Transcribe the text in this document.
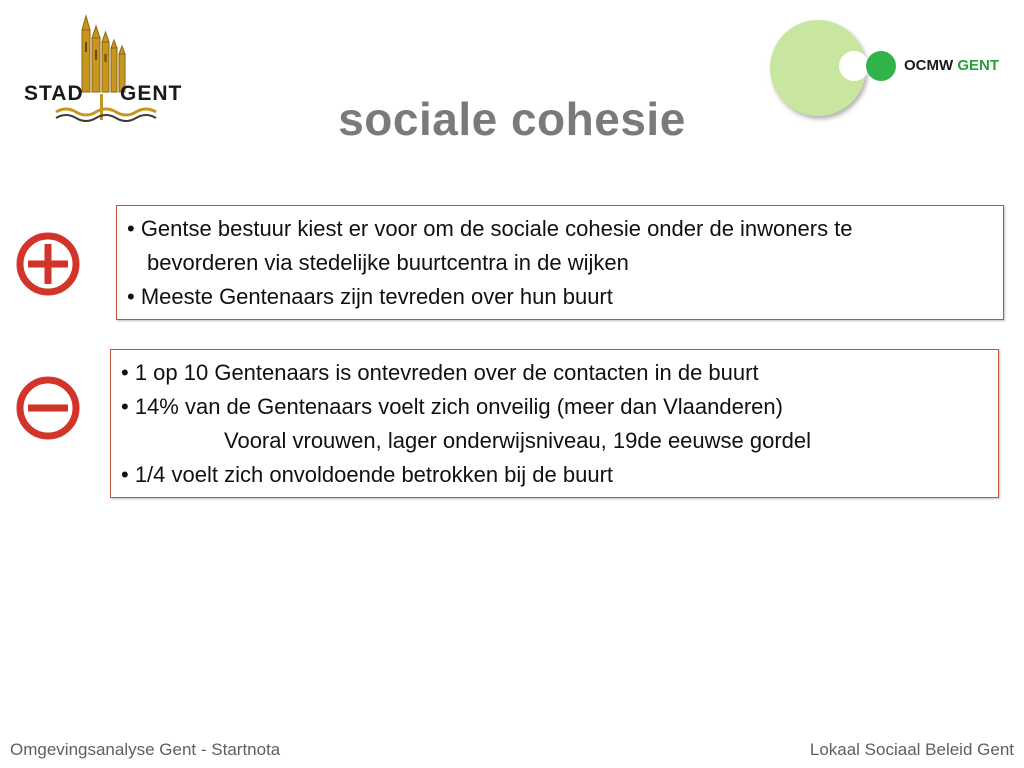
STAD GENT
OCMW GENT
sociale cohesie
• Gentse bestuur kiest er voor om de sociale cohesie onder de inwoners te
bevorderen via stedelijke buurtcentra in de wijken
• Meeste Gentenaars zijn tevreden over hun buurt
• 1 op 10 Gentenaars is ontevreden over de contacten in de buurt
• 14% van de Gentenaars voelt zich onveilig (meer dan Vlaanderen)
Vooral vrouwen, lager onderwijsniveau, 19de eeuwse gordel
• 1/4 voelt zich onvoldoende betrokken bij de buurt
Omgevingsanalyse Gent - Startnota	Lokaal Sociaal Beleid Gent
